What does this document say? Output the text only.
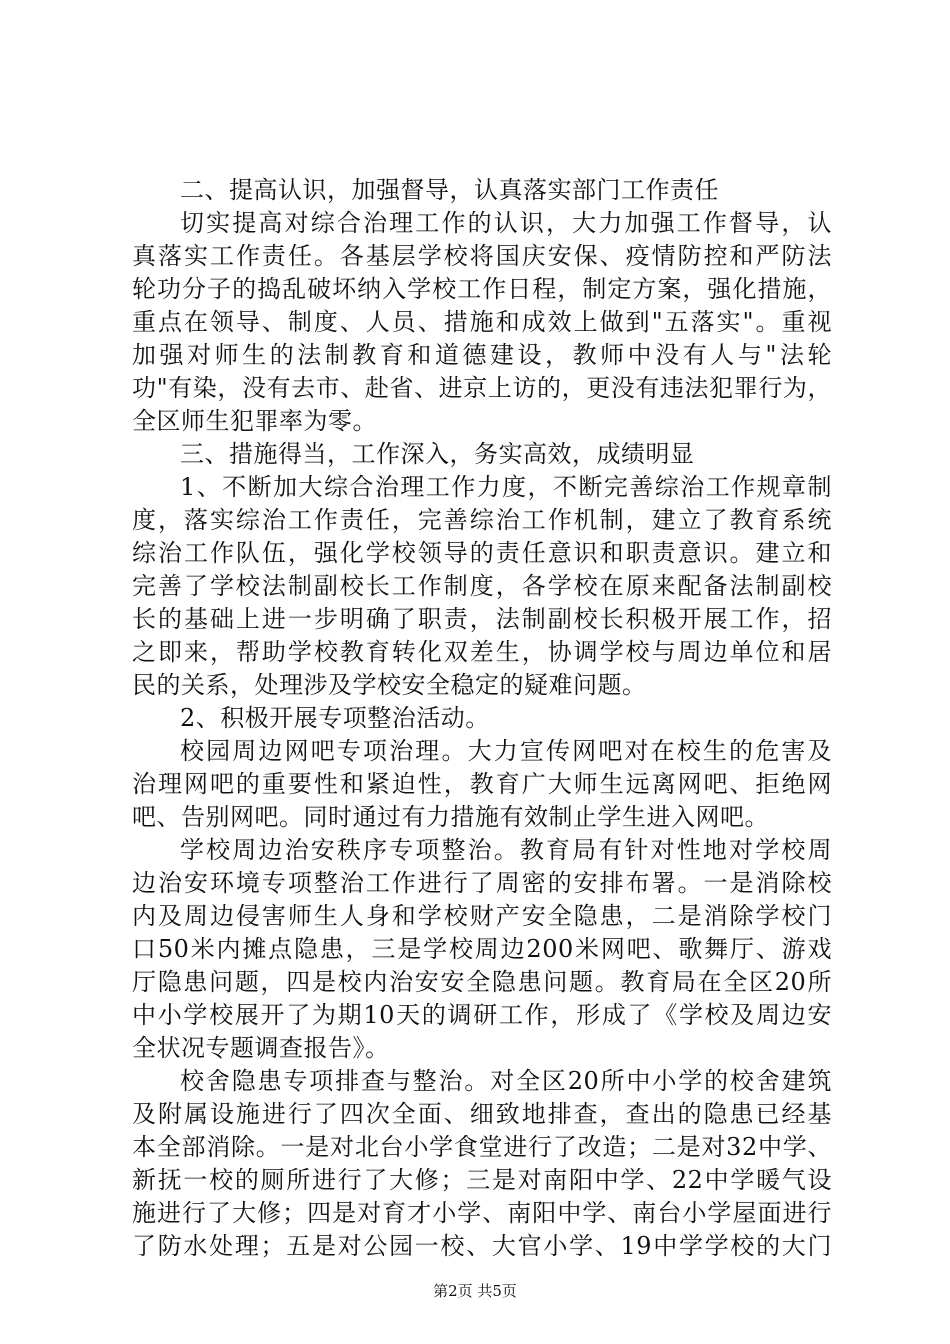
二、提高认识，加强督导，认真落实部门工作责任
切实提高对综合治理工作的认识，大力加强工作督导，认
真落实工作责任。各基层学校将国庆安保、疫情防控和严防法
轮功分子的捣乱破坏纳入学校工作日程，制定方案，强化措施，
重点在领导、制度、人员、措施和成效上做到"五落实"。重视
加强对师生的法制教育和道德建设，教师中没有人与"法轮
功"有染，没有去市、赴省、进京上访的，更没有违法犯罪行为，
全区师生犯罪率为零。
三、措施得当，工作深入，务实高效，成绩明显
1、不断加大综合治理工作力度，不断完善综治工作规章制
度，落实综治工作责任，完善综治工作机制，建立了教育系统
综治工作队伍，强化学校领导的责任意识和职责意识。建立和
完善了学校法制副校长工作制度，各学校在原来配备法制副校
长的基础上进一步明确了职责，法制副校长积极开展工作，招
之即来，帮助学校教育转化双差生，协调学校与周边单位和居
民的关系，处理涉及学校安全稳定的疑难问题。
2、积极开展专项整治活动。
校园周边网吧专项治理。大力宣传网吧对在校生的危害及
治理网吧的重要性和紧迫性，教育广大师生远离网吧、拒绝网
吧、告别网吧。同时通过有力措施有效制止学生进入网吧。
学校周边治安秩序专项整治。教育局有针对性地对学校周
边治安环境专项整治工作进行了周密的安排布署。一是消除校
内及周边侵害师生人身和学校财产安全隐患，二是消除学校门
口50米内摊点隐患，三是学校周边200米网吧、歌舞厅、游戏
厅隐患问题，四是校内治安安全隐患问题。教育局在全区20所
中小学校展开了为期10天的调研工作，形成了《学校及周边安
全状况专题调查报告》。
校舍隐患专项排查与整治。对全区20所中小学的校舍建筑
及附属设施进行了四次全面、细致地排查，查出的隐患已经基
本全部消除。一是对北台小学食堂进行了改造；二是对32中学、
新抚一校的厕所进行了大修；三是对南阳中学、22中学暖气设
施进行了大修；四是对育才小学、南阳中学、南台小学屋面进行
了防水处理；五是对公园一校、大官小学、19中学学校的大门
第2页 共5页
